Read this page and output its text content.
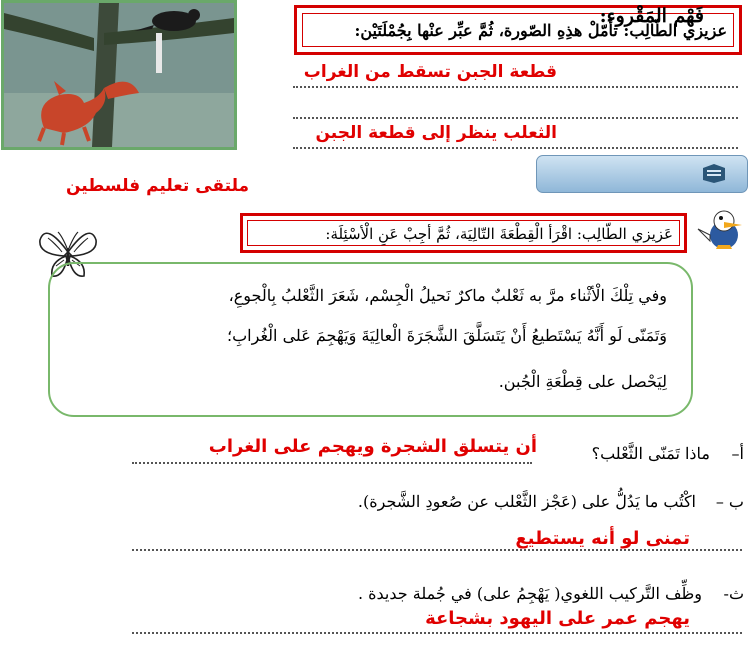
عزيزي الطّالِب: تأمّلْ هذِهِ الصّورة، ثُمَّ عبِّر عنْها بِجُمْلَتَيْن:
قطعة الجبن تسقط من الغراب
الثعلب ينظر إلى قطعة الجبن
فَهْم المَقْروء:
ملتقى تعليم فلسطين
عَزيزي الطّالِب: اقْرَأ الْقِطْعَةَ التّالِيَة، ثُمَّ أجِبْ عَنِ الْأسْئِلَة:
وفي تِلْكَ الْأثْناء مرَّ به ثَعْلبٌ ماكرٌ نَحيلُ الْجِسْم، شَعَرَ الثَّعْلبُ بِالْجوعِ،
وَتَمَنّى لَو أَنَّهُ يَسْتَطيعُ أَنْ يَتَسَلَّقَ الشَّجَرَةَ الْعالِيَةَ وَيَهْجِمَ عَلى الْغُرابِ؛
لِيَحْصل على قِطْعَةِ الْجُبن.
أ–
ماذا تَمَنّى الثَّعْلب؟
أن يتسلق الشجرة ويهجم على الغراب
ب –
اكْتُب ما يَدُلُّ على (عَجْز الثَّعْلب عن صُعودِ الشَّجرة).
تمنى لو أنه يستطيع
ث-
وظِّف التَّركيب اللغوي( يَهْجِمُ على) في جُملة جديدة .
يهجم عمر على اليهود بشجاعة
